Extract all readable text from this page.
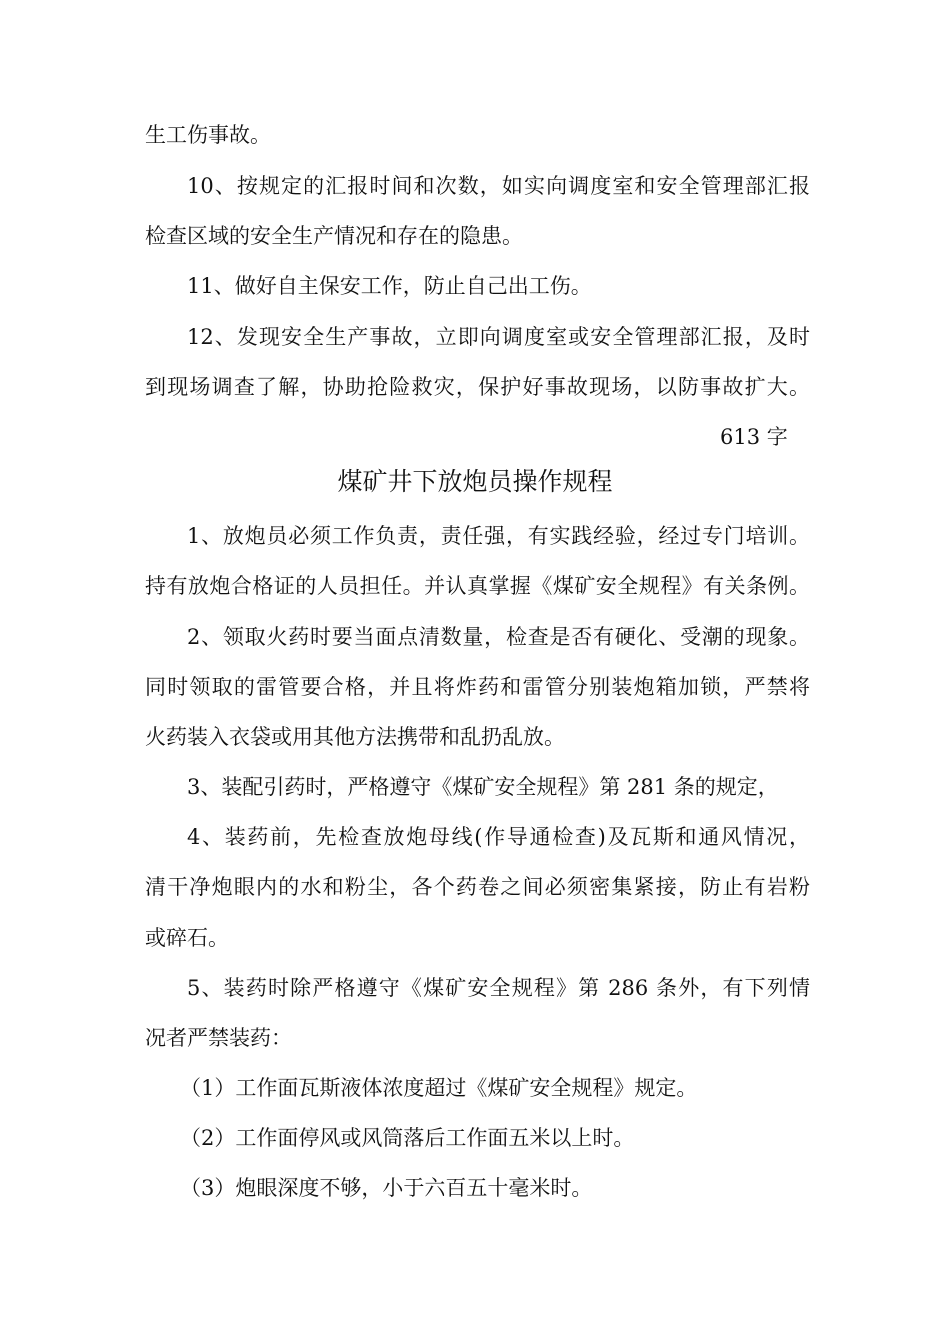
生工伤事故。
10、按规定的汇报时间和次数，如实向调度室和安全管理部汇报
检查区域的安全生产情况和存在的隐患。
11、做好自主保安工作，防止自己出工伤。
12、发现安全生产事故，立即向调度室或安全管理部汇报，及时
到现场调查了解，协助抢险救灾，保护好事故现场，以防事故扩大。
613 字
煤矿井下放炮员操作规程
1、放炮员必须工作负责，责任强，有实践经验，经过专门培训。
持有放炮合格证的人员担任。并认真掌握《煤矿安全规程》有关条例。
2、领取火药时要当面点清数量，检查是否有硬化、受潮的现象。
同时领取的雷管要合格，并且将炸药和雷管分别装炮箱加锁，严禁将
火药装入衣袋或用其他方法携带和乱扔乱放。
3、装配引药时，严格遵守《煤矿安全规程》第 281 条的规定，
4、装药前，先检查放炮母线(作导通检查)及瓦斯和通风情况，
清干净炮眼内的水和粉尘，各个药卷之间必须密集紧接，防止有岩粉
或碎石。
5、装药时除严格遵守《煤矿安全规程》第 286 条外，有下列情
况者严禁装药：
（1）工作面瓦斯液体浓度超过《煤矿安全规程》规定。
（2）工作面停风或风筒落后工作面五米以上时。
（3）炮眼深度不够，小于六百五十毫米时。
